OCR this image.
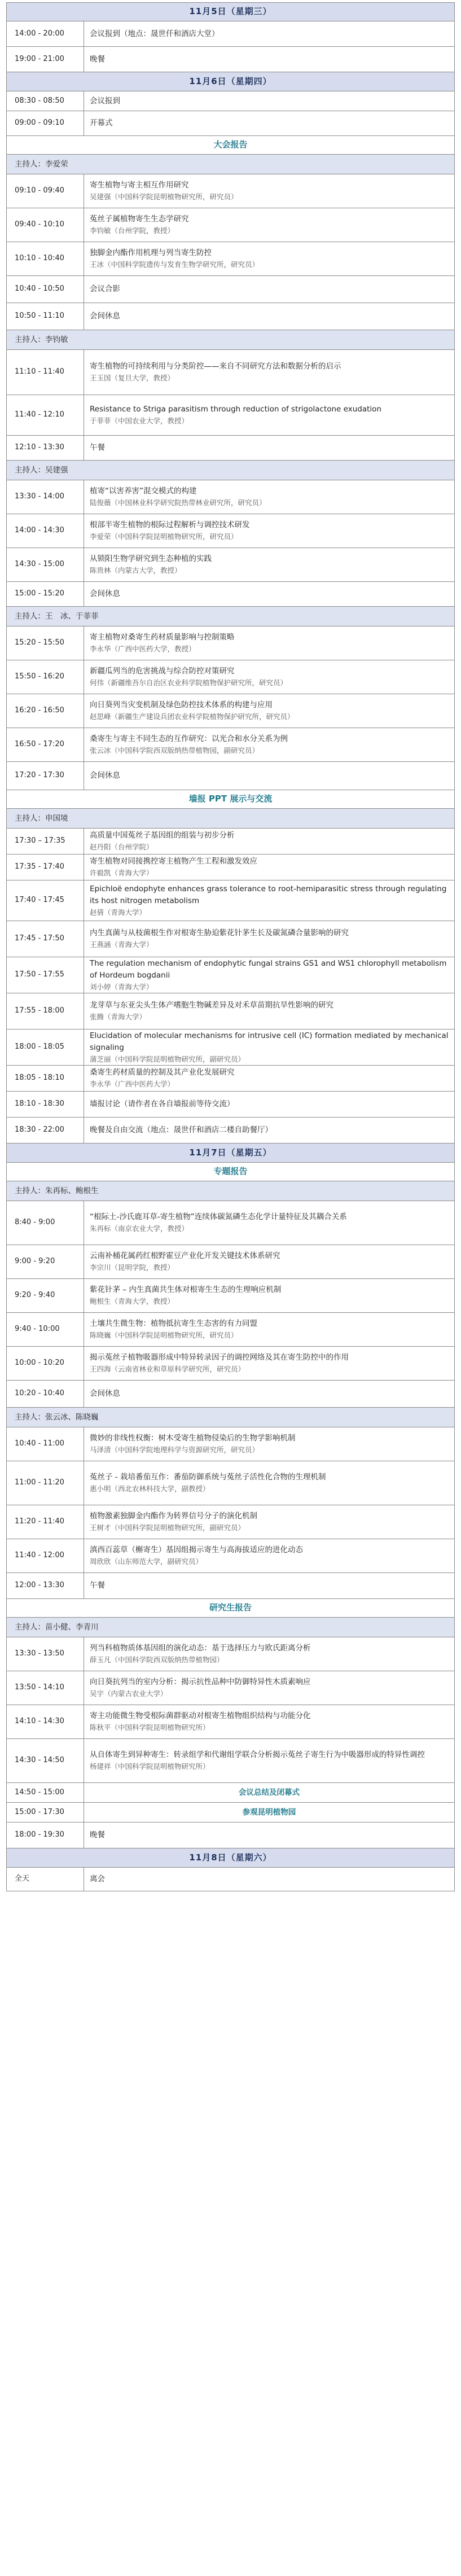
11月5日（星期三）
14:00 - 20:00	会议报到（地点：晟世仟和酒店大堂）
19:00 - 21:00	晚餐
11月6日（星期四）
08:30 - 08:50	会议报到
09:00 - 09:10	开幕式
大会报告
主持人：李爱荣
09:10 - 09:40
寄生植物与寄主相互作用研究
吴建强（中国科学院昆明植物研究所，研究员）
09:40 - 10:10
菟丝子属植物寄生生态学研究
李钧敏（台州学院，教授）
10:10 - 10:40
独脚金内酯作用机理与列当寄生防控
王冰（中国科学院遗传与发育生物学研究所，研究员）
10:40 - 10:50	会议合影
10:50 - 11:10	会间休息
主持人：李钧敏
11:10 - 11:40
寄生植物的可持续利用与分类阶控——来自不同研究方法和数据分析的启示
王玉国（复旦大学，教授）
11:40 - 12:10
Resistance to Striga parasitism through reduction of strigolactone exudation
于菲菲（中国农业大学，教授）
12:10 - 13:30	午餐
主持人：吴建强
13:30 - 14:00
植寄“以害养害”混交模式的构建
陆俊薇（中国林业科学研究院热带林业研究所，研究员）
14:00 - 14:30
根部半寄生植物的根际过程解析与调控技术研发
李爱荣（中国科学院昆明植物研究所，研究员）
14:30 - 15:00
从锁阳生物学研究到生态种植的实践
陈贵林（内蒙古大学，教授）
15:00 - 15:20	会间休息
主持人：王　冰、于菲菲
15:20 - 15:50
寄主植物对桑寄生药材质量影响与控制策略
李永华（广西中医药大学，教授）
15:50 - 16:20
新疆瓜列当的危害挑战与综合防控对策研究
何伟（新疆维吾尔自治区农业科学院植物保护研究所，研究员）
16:20 - 16:50
向日葵列当灾变机制及绿色防控技术体系的构建与应用
赵思峰（新疆生产建设兵团农业科学院植物保护研究所，研究员）
16:50 - 17:20
桑寄生与寄主不同生态的互作研究：以光合和水分关系为例
张云冰（中国科学院西双版纳热带植物园，副研究员）
17:20 - 17:30	会间休息
墙报 PPT 展示与交流
主持人：申国境
17:30 – 17:35
高质量中国菟丝子基因组的组装与初步分析
赵丹阳（台州学院）
17:35 - 17:40
寄生植物对同接携控寄主植物产生工程和激发效应
许毅凯（青海大学）
17:40 - 17:45
Epichloë endophyte enhances grass tolerance to root-hemiparasitic stress through regulating its host nitrogen metabolism
赵倩（青海大学）
17:45 - 17:50
内生真菌与从枝菌根生作对根寄生胁迫紫花针茅生长及碳氮磷合量影响的研究
王燕涵（青海大学）
17:50 - 17:55
The regulation mechanism of endophytic fungal strains GS1 and WS1 chlorophyll metabolism of Hordeum bogdanii
刘小婷（青海大学）
17:55 - 18:00
龙芽草与东亚尖头生体产嗜胞生物碱差异及对禾草苗期抗旱性影响的研究
张腾（青海大学）
18:00 - 18:05
Elucidation of molecular mechanisms for intrusive cell (IC) formation mediated by mechanical signaling
蒲芝丽（中国科学院昆明植物研究所，副研究员）
18:05 - 18:10
桑寄生药材质量的控制及其产业化发展研究
李永华（广西中医药大学）
18:10 - 18:30	墙报讨论（请作者在各自墙报前等待交流）
18:30 - 22:00	晚餐及自由交流（地点：晟世仟和酒店二楼自助餐厅）
11月7日（星期五）
专题报告
主持人：朱再标、鲍根生
8:40 - 9:00
“根际土-沙氏鹿耳草-寄生植物”连续体碳氮磷生态化学计量特征及其耦合关系
朱再标（南京农业大学，教授）
9:00 - 9:20
云南补桶花属药红根野霍豆产业化开发关键技术体系研究
李宗川（昆明学院，教授）
9:20 - 9:40
紫花针茅 – 内生真菌共生体对根寄生生态的生理响应机制
鲍根生（青海大学，教授）
9:40 - 10:00
土壤共生微生物：植物抵抗寄生生态害的有力同盟
陈晓巍（中国科学院昆明植物研究所，研究员）
10:00 - 10:20
揭示菟丝子植物吸器形成中特异转录因子的调控网络及其在寄生防控中的作用
王四海（云南省林业和草原科学研究所，研究员）
10:20 - 10:40	会间休息
主持人：张云冰、陈晓巍
10:40 - 11:00
微妙的非线性权衡：树木受寄生植物侵染后的生物学影响机制
马泽清（中国科学院地理科学与资源研究所，研究员）
11:00 - 11:20
菟丝子 - 栽培番茄互作：番茄防御系统与菟丝子活性化合物的生理机制
惠小明（西北农林科技大学，副教授）
11:20 - 11:40
植物激素独脚金内酯作为转界信号分子的演化机制
王树才（中国科学院昆明植物研究所，副研究员）
11:40 - 12:00
滇西百蕊草（槲寄生）基因组揭示寄生与高海拔适应的进化动态
周欣欣（山东师范大学，副研究员）
12:00 - 13:30	午餐
研究生报告
主持人：苗小健、李青川
13:30 - 13:50
列当科植物质体基因组的演化动态：基于选择压力与欧氏距离分析
薛玉凡（中国科学院西双版纳热带植物园）
13:50 - 14:10
向日葵抗列当的室内分析：揭示抗性品种中防御特异性木质素响应
吴宇（内蒙古农业大学）
14:10 - 14:30
寄主功能微生物受根际菌群驱动对根寄生植物组织结构与功能分化
陈秋平（中国科学院昆明植物研究所）
14:30 - 14:50
从自体寄生到异种寄生：转录组学和代谢组学联合分析揭示菟丝子寄生行为中吸器形成的特异性调控
杨建祥（中国科学院昆明植物研究所）
14:50 - 15:00	会议总结及闭幕式
15:00 - 17:30	参观昆明植物园
18:00 - 19:30	晚餐
11月8日（星期六）
全天	离会
